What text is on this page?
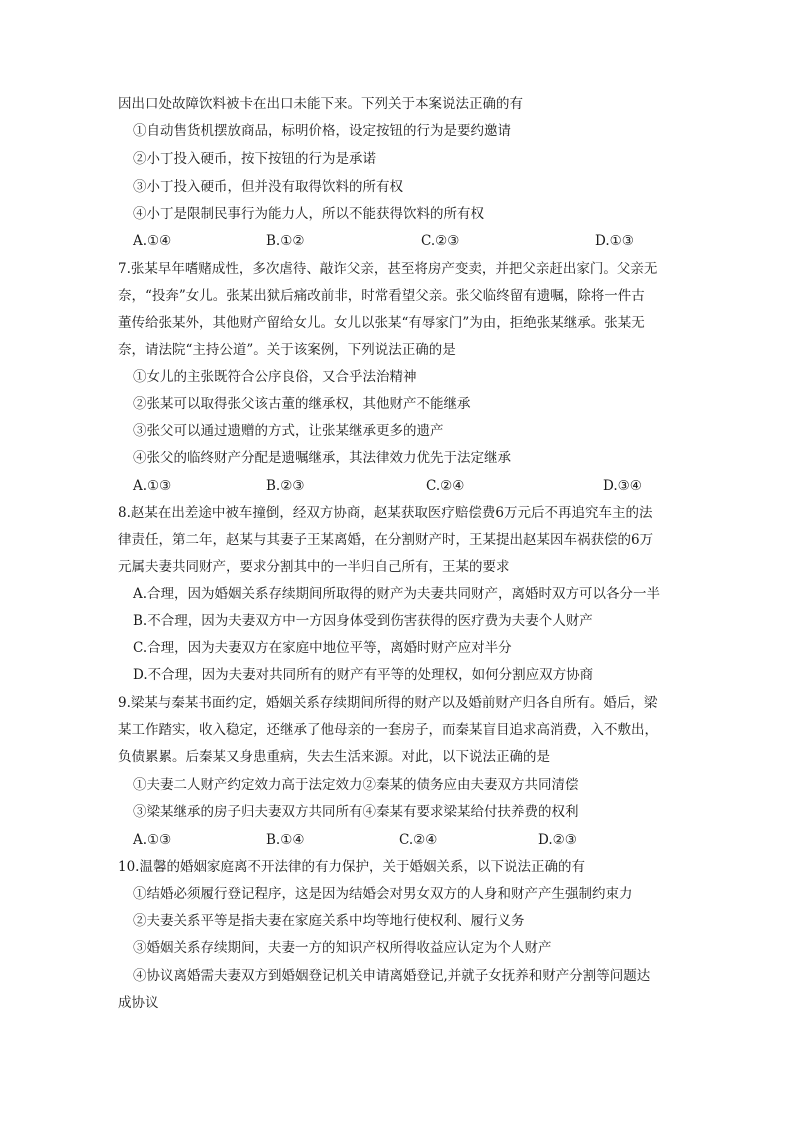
因出口处故障饮料被卡在出口未能下来。下列关于本案说法正确的有
①自动售货机摆放商品，标明价格，设定按钮的行为是要约邀请
②小丁投入硬币，按下按钮的行为是承诺
③小丁投入硬币，但并没有取得饮料的所有权
④小丁是限制民事行为能力人，所以不能获得饮料的所有权
A.①④	B.①②	C.②③	D.①③
7.张某早年嗜赌成性，多次虐待、敲诈父亲，甚至将房产变卖，并把父亲赶出家门。父亲无
奈，“投奔”女儿。张某出狱后痛改前非，时常看望父亲。张父临终留有遗嘱，除将一件古
董传给张某外，其他财产留给女儿。女儿以张某“有辱家门”为由，拒绝张某继承。张某无
奈，请法院“主持公道”。关于该案例，下列说法正确的是
①女儿的主张既符合公序良俗，又合乎法治精神
②张某可以取得张父该古董的继承权，其他财产不能继承
③张父可以通过遗赠的方式，让张某继承更多的遗产
④张父的临终财产分配是遗嘱继承，其法律效力优先于法定继承
A.①③	B.②③	C.②④	D.③④
8.赵某在出差途中被车撞倒，经双方协商，赵某获取医疗赔偿费6万元后不再追究车主的法
律责任，第二年，赵某与其妻子王某离婚，在分割财产时，王某提出赵某因车祸获偿的6万
元属夫妻共同财产，要求分割其中的一半归自己所有，王某的要求
A.合理，因为婚姻关系存续期间所取得的财产为夫妻共同财产，离婚时双方可以各分一半
B.不合理，因为夫妻双方中一方因身体受到伤害获得的医疗费为夫妻个人财产
C.合理，因为夫妻双方在家庭中地位平等，离婚时财产应对半分
D.不合理，因为夫妻对共同所有的财产有平等的处理权，如何分割应双方协商
9.梁某与秦某书面约定，婚姻关系存续期间所得的财产以及婚前财产归各自所有。婚后，梁
某工作踏实，收入稳定，还继承了他母亲的一套房子，而秦某盲目追求高消费，入不敷出，
负债累累。后秦某又身患重病，失去生活来源。对此，以下说法正确的是
①夫妻二人财产约定效力高于法定效力②秦某的债务应由夫妻双方共同清偿
③梁某继承的房子归夫妻双方共同所有④秦某有要求梁某给付扶养费的权利
A.①③	B.①④	C.②④	D.②③
10.温馨的婚姻家庭离不开法律的有力保护，关于婚姻关系，以下说法正确的有
①结婚必须履行登记程序，这是因为结婚会对男女双方的人身和财产产生强制约束力
②夫妻关系平等是指夫妻在家庭关系中均等地行使权利、履行义务
③婚姻关系存续期间，夫妻一方的知识产权所得收益应认定为个人财产
④协议离婚需夫妻双方到婚姻登记机关申请离婚登记,并就子女抚养和财产分割等问题达
成协议
